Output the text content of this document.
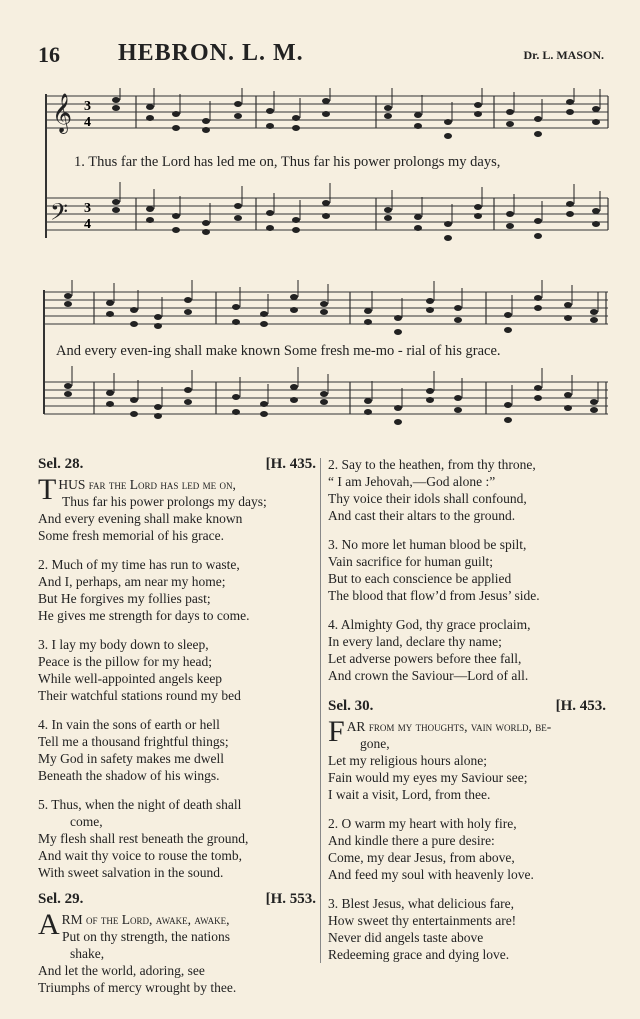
16 HEBRON. L. M.	Dr. L. MASON.
𝄞
𝄢
3
4
3
4
1. Thus far the Lord has led me on, Thus far his power prolongs my days,
And every even-ing shall make known Some fresh me-mo - rial of his grace.
Sel. 28.	[H. 435.
THUS far the Lord has led me on,
Thus far his power prolongs my days;
And every evening shall make known
Some fresh memorial of his grace.
2. Much of my time has run to waste,
And I, perhaps, am near my home;
But He forgives my follies past;
He gives me strength for days to come.
3. I lay my body down to sleep,
Peace is the pillow for my head;
While well-appointed angels keep
Their watchful stations round my bed
4. In vain the sons of earth or hell
Tell me a thousand frightful things;
My God in safety makes me dwell
Beneath the shadow of his wings.
5. Thus, when the night of death shall
come,
My flesh shall rest beneath the ground,
And wait thy voice to rouse the tomb,
With sweet salvation in the sound.
Sel. 29.	[H. 553.
ARM of the Lord, awake, awake,
Put on thy strength, the nations
shake,
And let the world, adoring, see
Triumphs of mercy wrought by thee.
2. Say to the heathen, from thy throne,
“ I am Jehovah,—God alone :”
Thy voice their idols shall confound,
And cast their altars to the ground.
3. No more let human blood be spilt,
Vain sacrifice for human guilt;
But to each conscience be applied
The blood that flow’d from Jesus’ side.
4. Almighty God, thy grace proclaim,
In every land, declare thy name;
Let adverse powers before thee fall,
And crown the Saviour—Lord of all.
Sel. 30.	[H. 453.
FAR from my thoughts, vain world, be-
gone,
Let my religious hours alone;
Fain would my eyes my Saviour see;
I wait a visit, Lord, from thee.
2. O warm my heart with holy fire,
And kindle there a pure desire:
Come, my dear Jesus, from above,
And feed my soul with heavenly love.
3. Blest Jesus, what delicious fare,
How sweet thy entertainments are!
Never did angels taste above
Redeeming grace and dying love.
